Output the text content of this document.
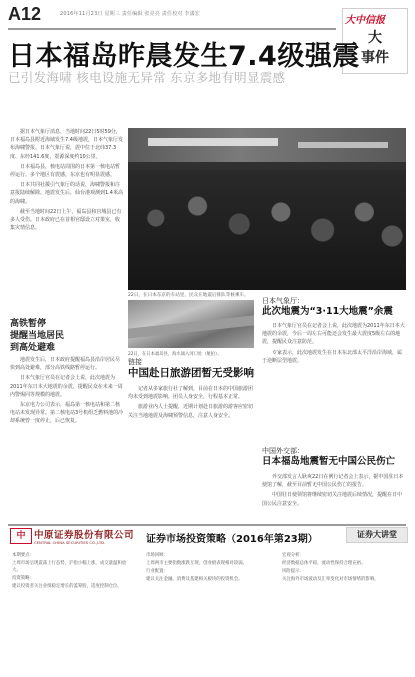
A12	2016年11月23日 星期三 责任编辑 张亮亮 责任校对 李潇宏
大中信报
大
事件
日本福岛昨晨发生7.4级强震
已引发海啸 核电设施无异常 东京多地有明显震感

据日本气象厅消息，当地时间22日5时59分，日本福岛县附近海域发生7.4级地震，日本气象厅发布海啸警报。日本气象厅说，震中位于北纬37.3度、东经141.6度，震源深度约10公里。

日本福岛县，核电站周围的日本第一核电站暂停运行。多个地区有震感，东京也有明显震感。

日本共同社援引气象厅的话说，海啸警报和注意报陆续解除。地震发生后，仙台港观测到1.4米高的海啸。

截至当地时间22日上午，福岛县和宫城县已有多人受伤。日本政府已在首相官邸设立对策室，收集灾情信息。

22日，在日本东京的车站里，民众在地震后排队等候乘车。
22日，在日本福岛县，海水涌入河口处（航拍）。
高铁暂停
提醒当地居民
到高处避难

地震发生后，日本政府提醒福岛县沿岸居民尽快到高处避难，部分高铁线路暂停运行。

日本气象厅官员在记者会上说，此次地震为2011年东日本大地震的余震，提醒民众在未来一周内警惕同等规模的地震。

东京电力公司表示，福岛第一核电站和第二核电站未发现异常。第二核电站3号机组乏燃料池的冷却系统曾一度停止，后已恢复。

链接
中国赴日旅游团暂无受影响

记者从多家旅行社了解到，目前在日本的中国旅游团均未受到地震影响，团员人身安全，行程基本正常。

旅游业内人士提醒，近期计划赴日旅游的游客应密切关注当地地震及海啸预警信息，注意人身安全。

日本气象厅：
此次地震为“3·11大地震”余震

日本气象厅官员在记者会上说，此次地震为2011年东日本大地震的余震，今后一周左右可能还会发生最大震度5级左右的地震，提醒民众注意防范。

专家表示，此次地震发生在日本东北部太平洋沿岸海域，属于逆断层型地震。

中国外交部：
日本福岛地震暂无中国公民伤亡

外交部发言人耿爽22日在例行记者会上表示，据中国驻日本使馆了解，截至目前暂无中国公民伤亡的报告。

中国驻日使领馆将继续密切关注地震后续情况，提醒在日中国公民注意安全。

中 中原证券股份有限公司
CENTRAL CHINA SECURITIES CO.,LTD.	证券市场投资策略（2016年第23期）	证券大讲堂

本期要点：

上周市场呈现震荡上行态势，沪指小幅上涨，成交量温和放大。

投资策略：

建议投资者关注业绩稳定增长的蓝筹股，适度控制仓位。

市场回顾：

上周两市主要指数涨跌互现，创业板表现相对较弱。

行业配置：

建议关注金融、消费及基建相关板块的投资机会。

宏观分析：

经济数据总体平稳，流动性保持合理充裕。

风险提示：

关注海外市场波动及汇率变化对市场情绪的影响。
